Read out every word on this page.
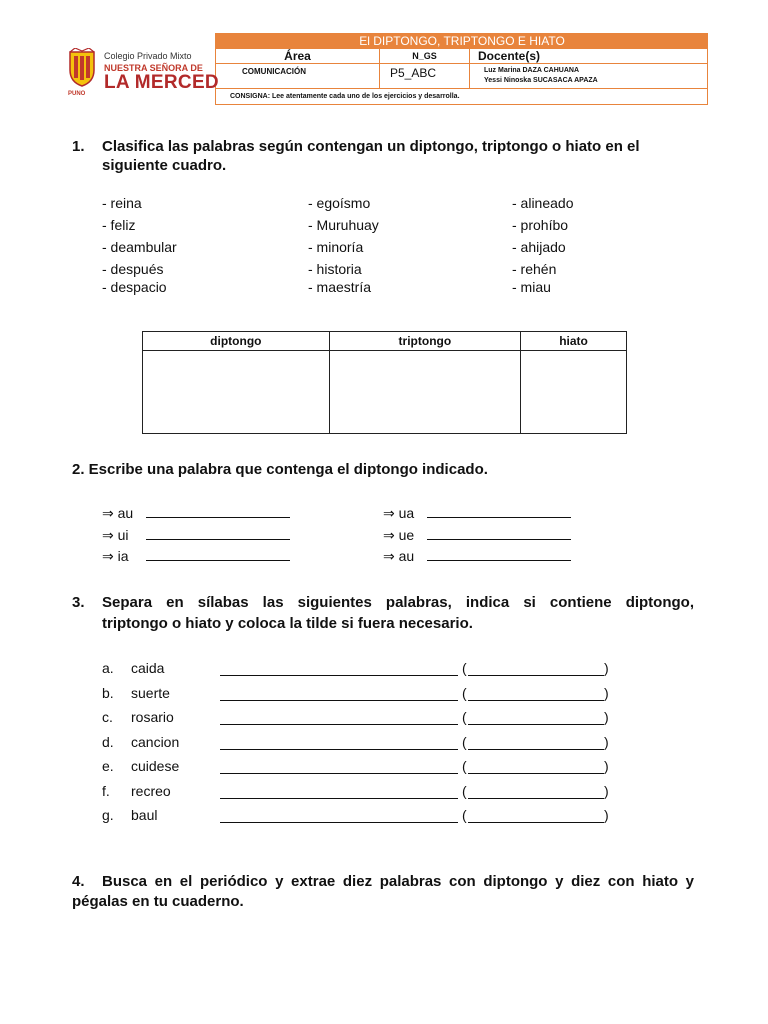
PUNO
Colegio Privado Mixto
NUESTRA SEÑORA DE
LA MERCED
El DIPTONGO, TRIPTONGO E HIATO
Área	N_GS	Docente(s)
COMUNICACIÓN	P5_ABC	Luz Marina DAZA CAHUANA
Yessi Ninoska SUCASACA APAZA
CONSIGNA: Lee atentamente cada uno de los ejercicios y desarrolla.
1. Clasifica las palabras según contengan un diptongo, triptongo o hiato en el siguiente cuadro.
- reina
- feliz
- deambular
- después
- despacio
- egoísmo
- Muruhuay
- minoría
- historia
- maestría
- alineado
- prohíbo
- ahijado
- rehén
- miau
diptongo	triptongo	hiato

2. Escribe una palabra que contenga el diptongo indicado.
⇒ au
⇒ ui
⇒ ia
⇒ ua
⇒ ue
⇒ au
3. Separa en sílabas las siguientes palabras, indica si contiene diptongo,
triptongo o hiato y coloca la tilde si fuera necesario.
a. caida	(	)
b. suerte	(	)
c. rosario	(	)
d. cancion	(	)
e. cuidese	(	)
f. recreo	(	)
g. baul	(	)
4. Busca en el periódico y extrae diez palabras con diptongo y diez con hiato y
pégalas en tu cuaderno.
